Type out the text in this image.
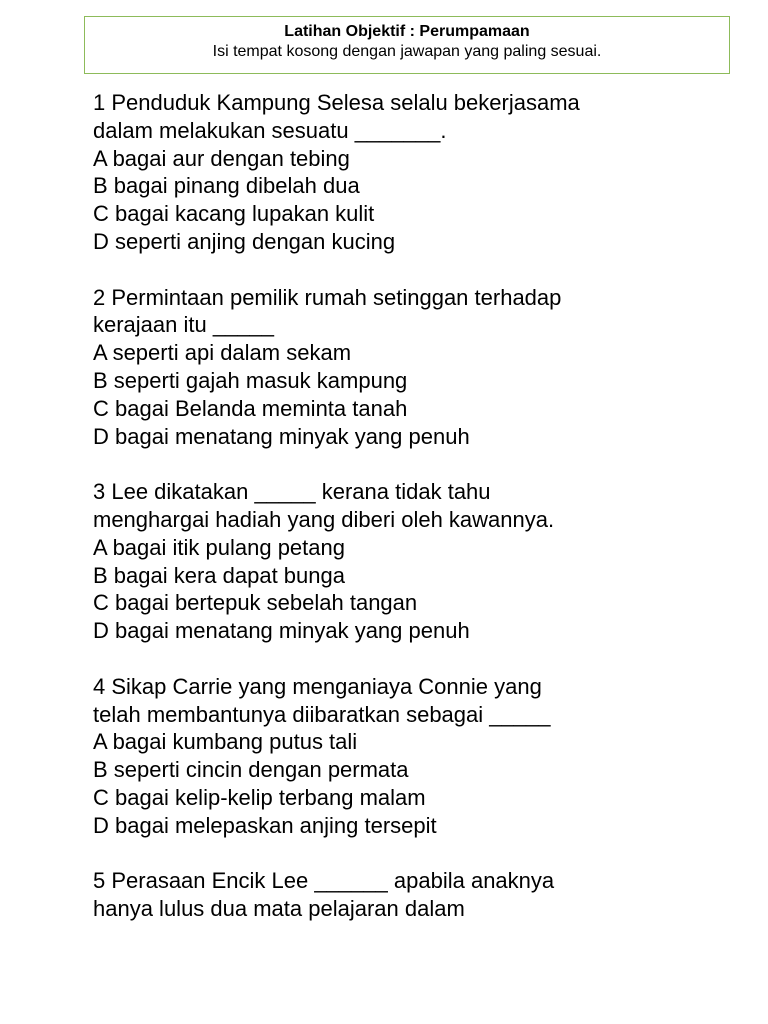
Latihan Objektif : Perumpamaan
Isi tempat kosong dengan jawapan yang paling sesuai.
1 Penduduk Kampung Selesa selalu bekerjasama
dalam melakukan sesuatu _______.
A bagai aur dengan tebing
B bagai pinang dibelah dua
C bagai kacang lupakan kulit
D seperti anjing dengan kucing
2 Permintaan pemilik rumah setinggan terhadap
kerajaan itu _____
A seperti api dalam sekam
B seperti gajah masuk kampung
C bagai Belanda meminta tanah
D bagai menatang minyak yang penuh
3 Lee dikatakan _____ kerana tidak tahu
menghargai hadiah yang diberi oleh kawannya.
A bagai itik pulang petang
B bagai kera dapat bunga
C bagai bertepuk sebelah tangan
D bagai menatang minyak yang penuh
4 Sikap Carrie yang menganiaya Connie yang
telah membantunya diibaratkan sebagai _____
A bagai kumbang putus tali
B seperti cincin dengan permata
C bagai kelip-kelip terbang malam
D bagai melepaskan anjing tersepit
5 Perasaan Encik Lee ______ apabila anaknya
hanya lulus dua mata pelajaran dalam
